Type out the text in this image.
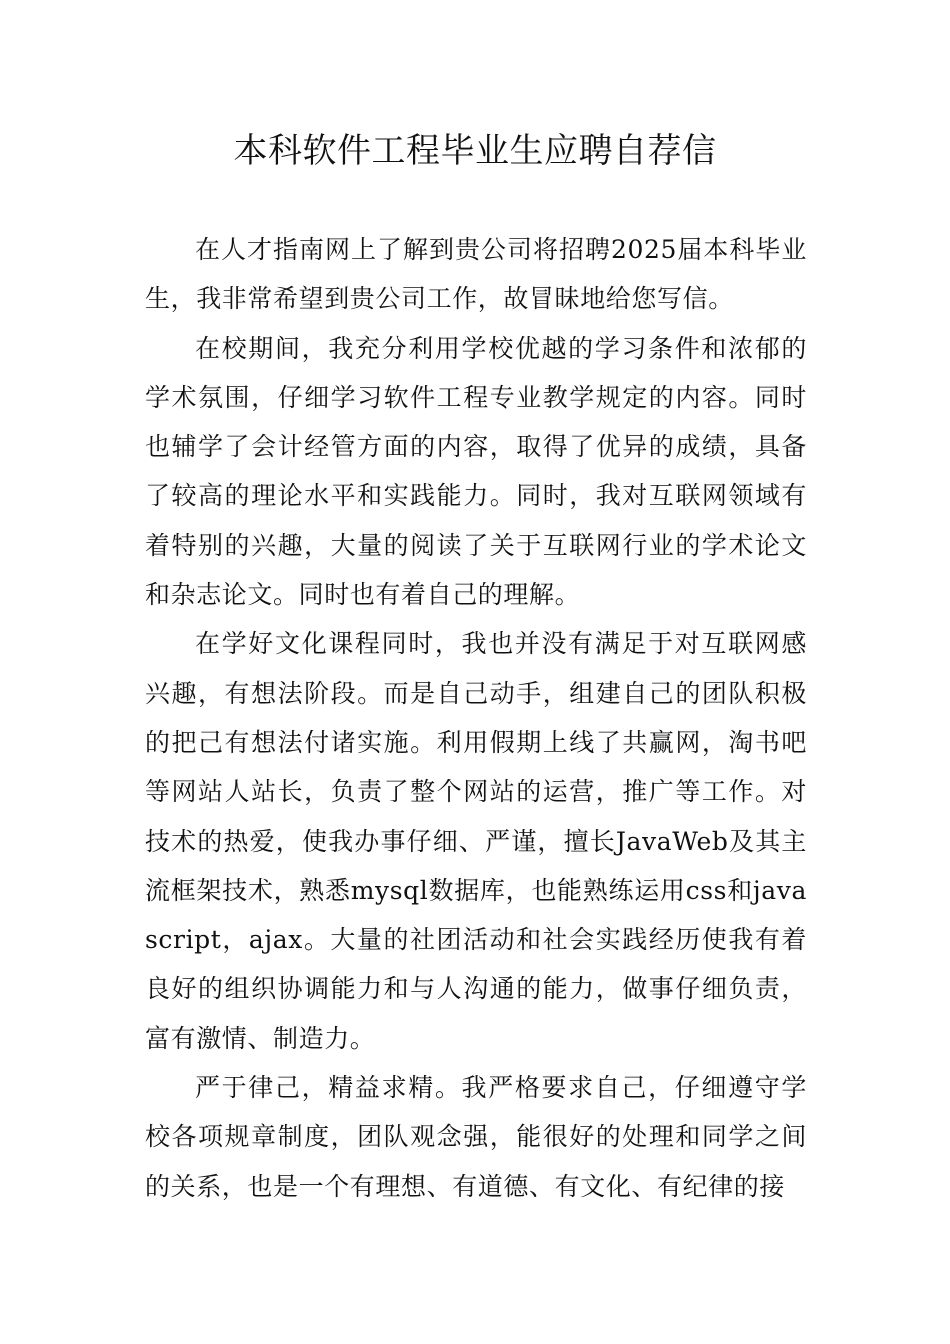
本科软件工程毕业生应聘自荐信

在人才指南网上了解到贵公司将招聘2025届本科毕业生，我非常希望到贵公司工作，故冒昧地给您写信。

在校期间，我充分利用学校优越的学习条件和浓郁的学术氛围，仔细学习软件工程专业教学规定的内容。同时也辅学了会计经管方面的内容，取得了优异的成绩，具备了较高的理论水平和实践能力。同时，我对互联网领域有着特别的兴趣，大量的阅读了关于互联网行业的学术论文和杂志论文。同时也有着自己的理解。

在学好文化课程同时，我也并没有满足于对互联网感兴趣，有想法阶段。而是自己动手，组建自己的团队积极的把己有想法付诸实施。利用假期上线了共赢网，淘书吧等网站人站长，负责了整个网站的运营，推广等工作。对技术的热爱，使我办事仔细、严谨，擅长JavaWeb及其主流框架技术，熟悉mysql数据库，也能熟练运用css和javascript，ajax。大量的社团活动和社会实践经历使我有着良好的组织协调能力和与人沟通的能力，做事仔细负责，富有激情、制造力。

严于律己，精益求精。我严格要求自己，仔细遵守学校各项规章制度，团队观念强，能很好的处理和同学之间的关系，也是一个有理想、有道德、有文化、有纪律的接
